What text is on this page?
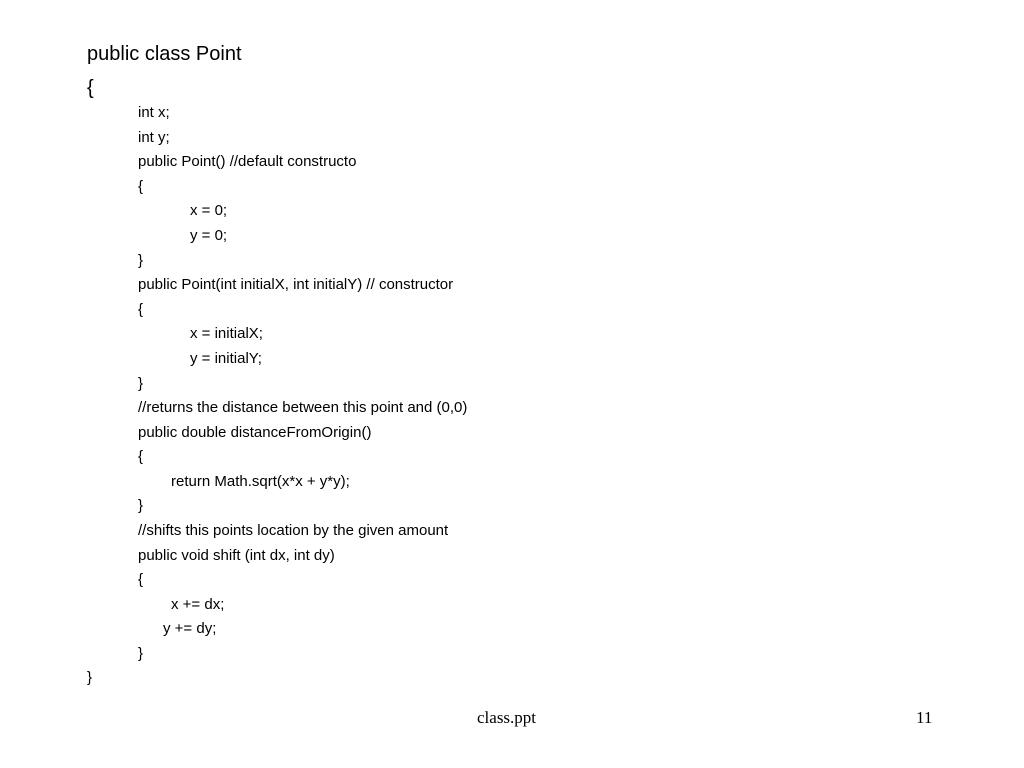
public class Point
{
int x;
int y;
public Point() //default constructo
{
x = 0;
y = 0;
}
public Point(int initialX, int initialY) // constructor
{
x = initialX;
y = initialY;
}
//returns the distance between this point and (0,0)
public double distanceFromOrigin()
{
return Math.sqrt(x*x + y*y);
}
//shifts this points location by the given amount
public void shift (int dx, int dy)
{
x += dx;
y += dy;
}
}
class.ppt	11
